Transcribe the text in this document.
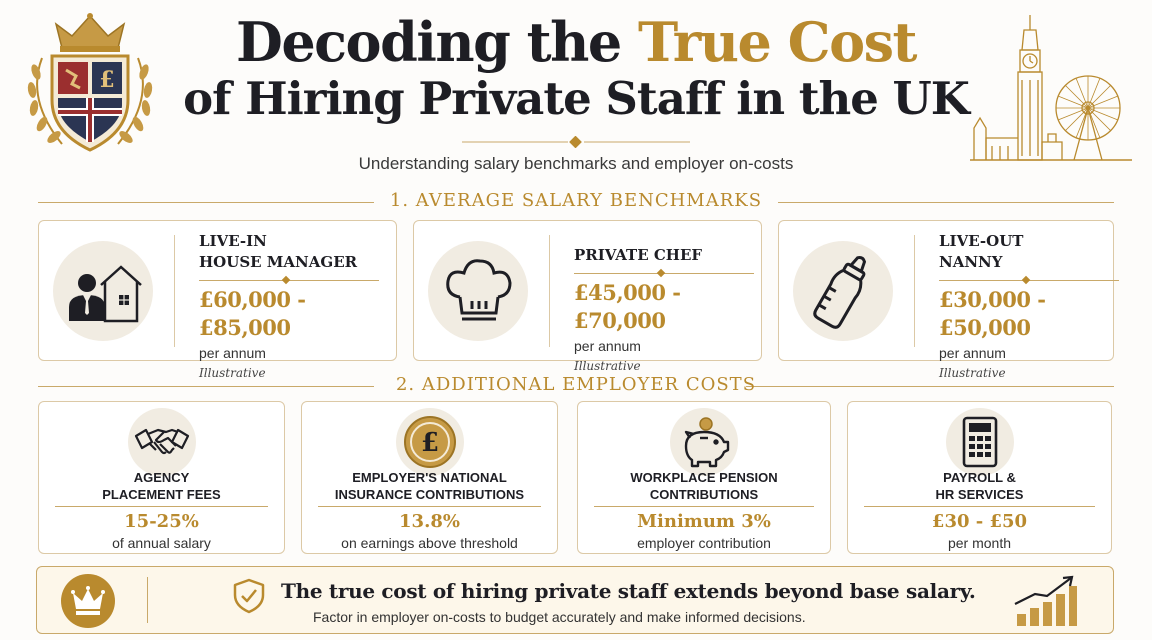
£
Decoding the True Cost
of Hiring Private Staff in the UK
Understanding salary benchmarks and employer on-costs
1. AVERAGE SALARY BENCHMARKS
LIVE-IN
HOUSE MANAGER
£60,000 - £85,000
per annum
Illustrative
PRIVATE CHEF
£45,000 - £70,000
per annum
Illustrative
LIVE-OUT
NANNY
£30,000 - £50,000
per annum
Illustrative
2. ADDITIONAL EMPLOYER COSTS
AGENCY
PLACEMENT FEES
15-25%
of annual salary
£
EMPLOYER'S NATIONAL
INSURANCE CONTRIBUTIONS
13.8%
on earnings above threshold
WORKPLACE PENSION
CONTRIBUTIONS
Minimum 3%
employer contribution
PAYROLL &
HR SERVICES
£30 - £50
per month
The true cost of hiring private staff extends beyond base salary.
Factor in employer on-costs to budget accurately and make informed decisions.
